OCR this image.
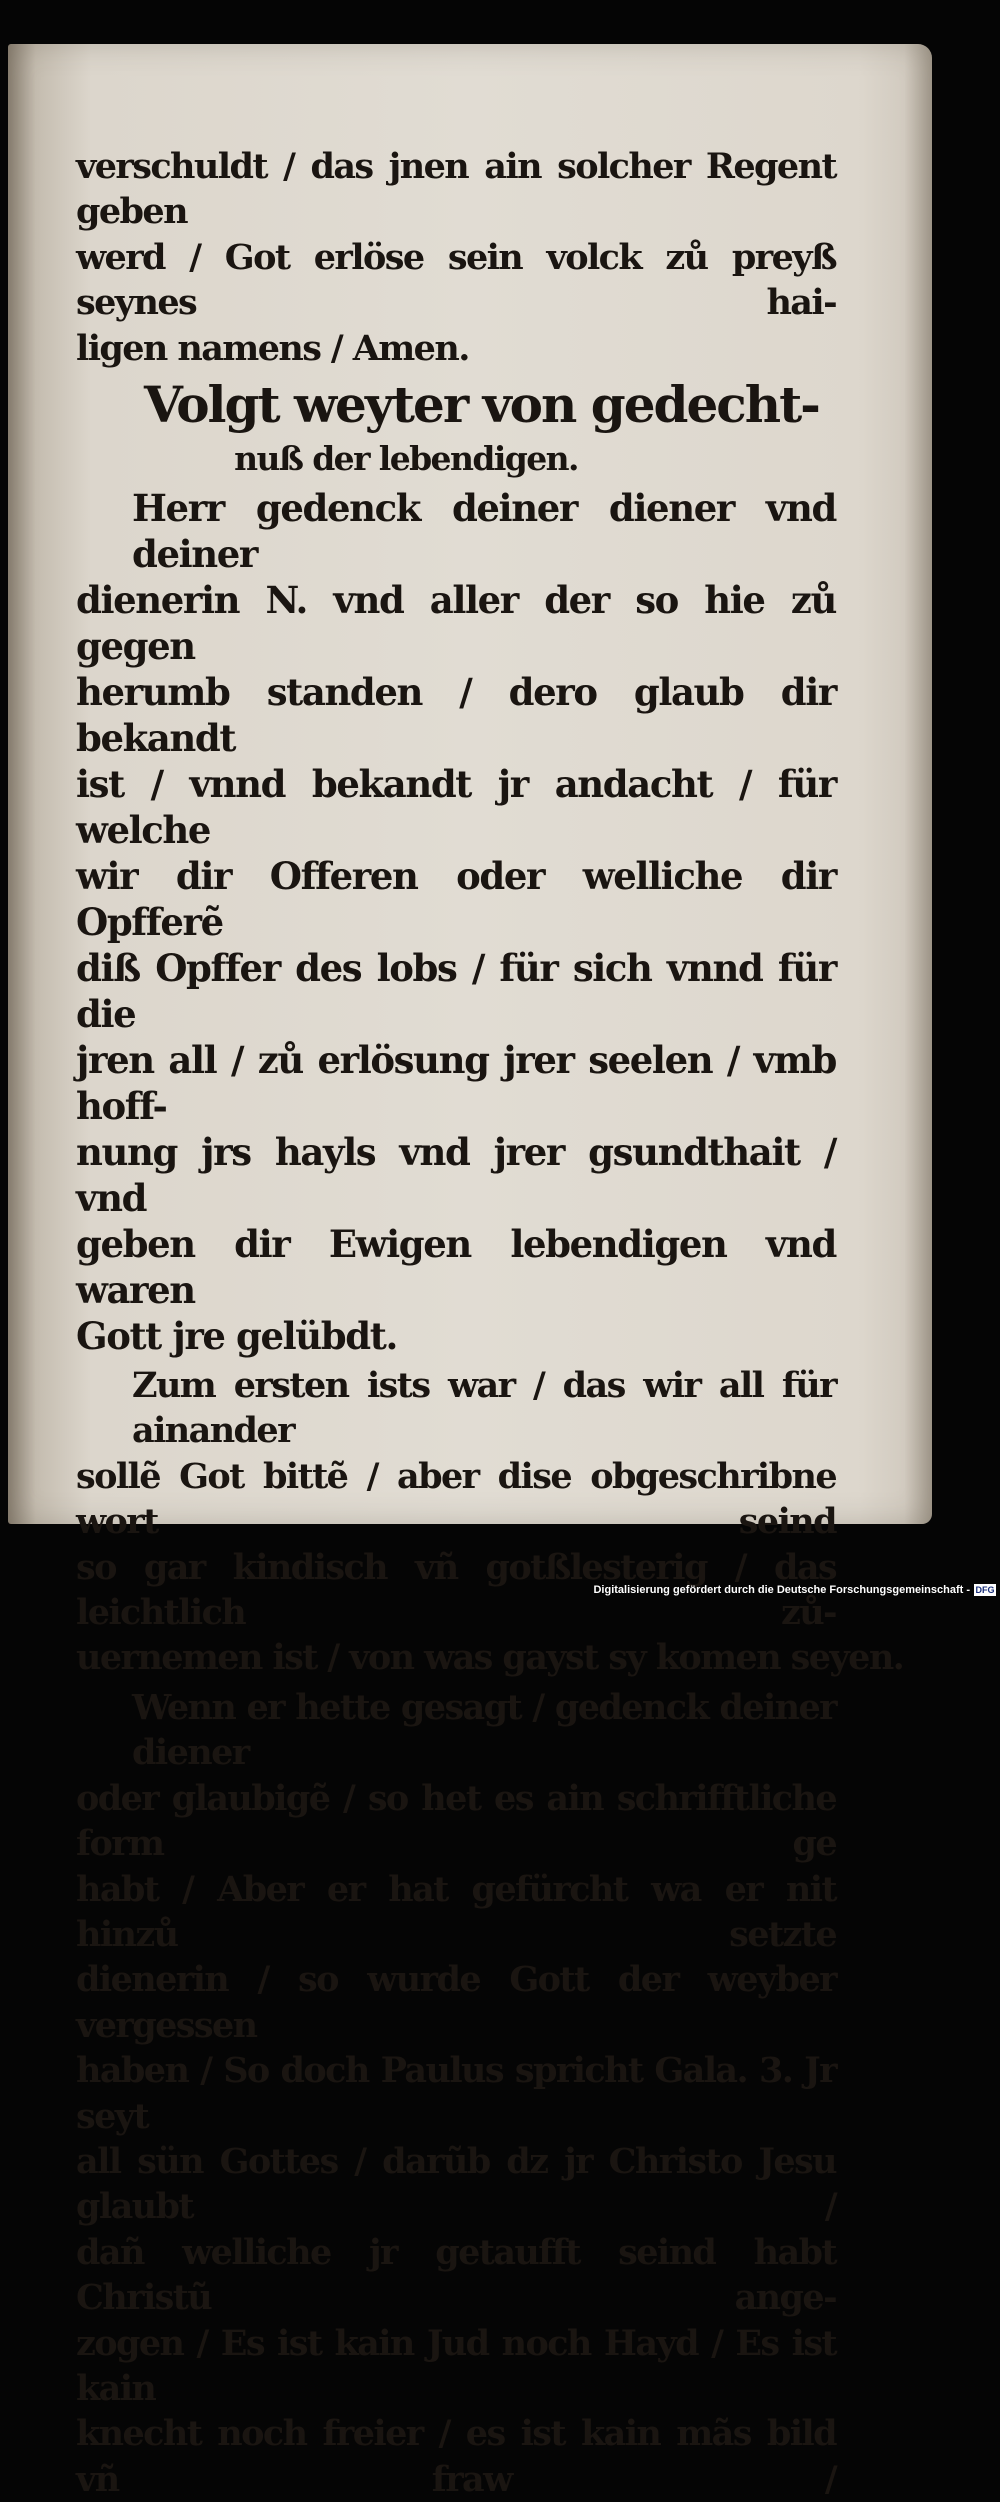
verschuldt / das jnen ain solcher Regent geben
werd / Got erlöse sein volck zů preyß seynes hai-
ligen namens / Amen.
Volgt weyter von gedecht-
nuß der lebendigen.
Herr gedenck deiner diener vnd deiner
dienerin N. vnd aller der so hie zů gegen
herumb standen / dero glaub dir bekandt
ist / vnnd bekandt jr andacht / für welche
wir dir Offeren oder welliche dir Opfferẽ
diß Opffer des lobs / für sich vnnd für die
jren all / zů erlösung jrer seelen / vmb hoff-
nung jrs hayls vnd jrer gsundthait / vnd
geben dir Ewigen lebendigen vnd waren
Gott jre gelübdt.
Zum ersten ists war / das wir all für ainander
sollẽ Got bittẽ / aber dise obgeschribne wort seind
so gar kindisch vñ gotßlesterig / das leichtlich zů-
uernemen ist / von was gayst sy komen seyen.
Wenn er hette gesagt / gedenck deiner diener
oder glaubigẽ / so het es ain schrifftliche form ge
habt / Aber er hat gefürcht wa er nit hinzů setzte
dienerin / so wurde Gott der weyber vergessen
haben / So doch Paulus spricht Gala. 3. Jr seyt
all sün Gottes / darũb dz jr Christo Jesu glaubt /
dañ welliche jr getaufft seind habt Christũ ange-
zogen / Es ist kain Jud noch Hayd / Es ist kain
knecht noch freier / es ist kain mãs bild vñ fraw /
Digitalisierung gefördert durch die Deutsche Forschungsgemeinschaft - DFG
